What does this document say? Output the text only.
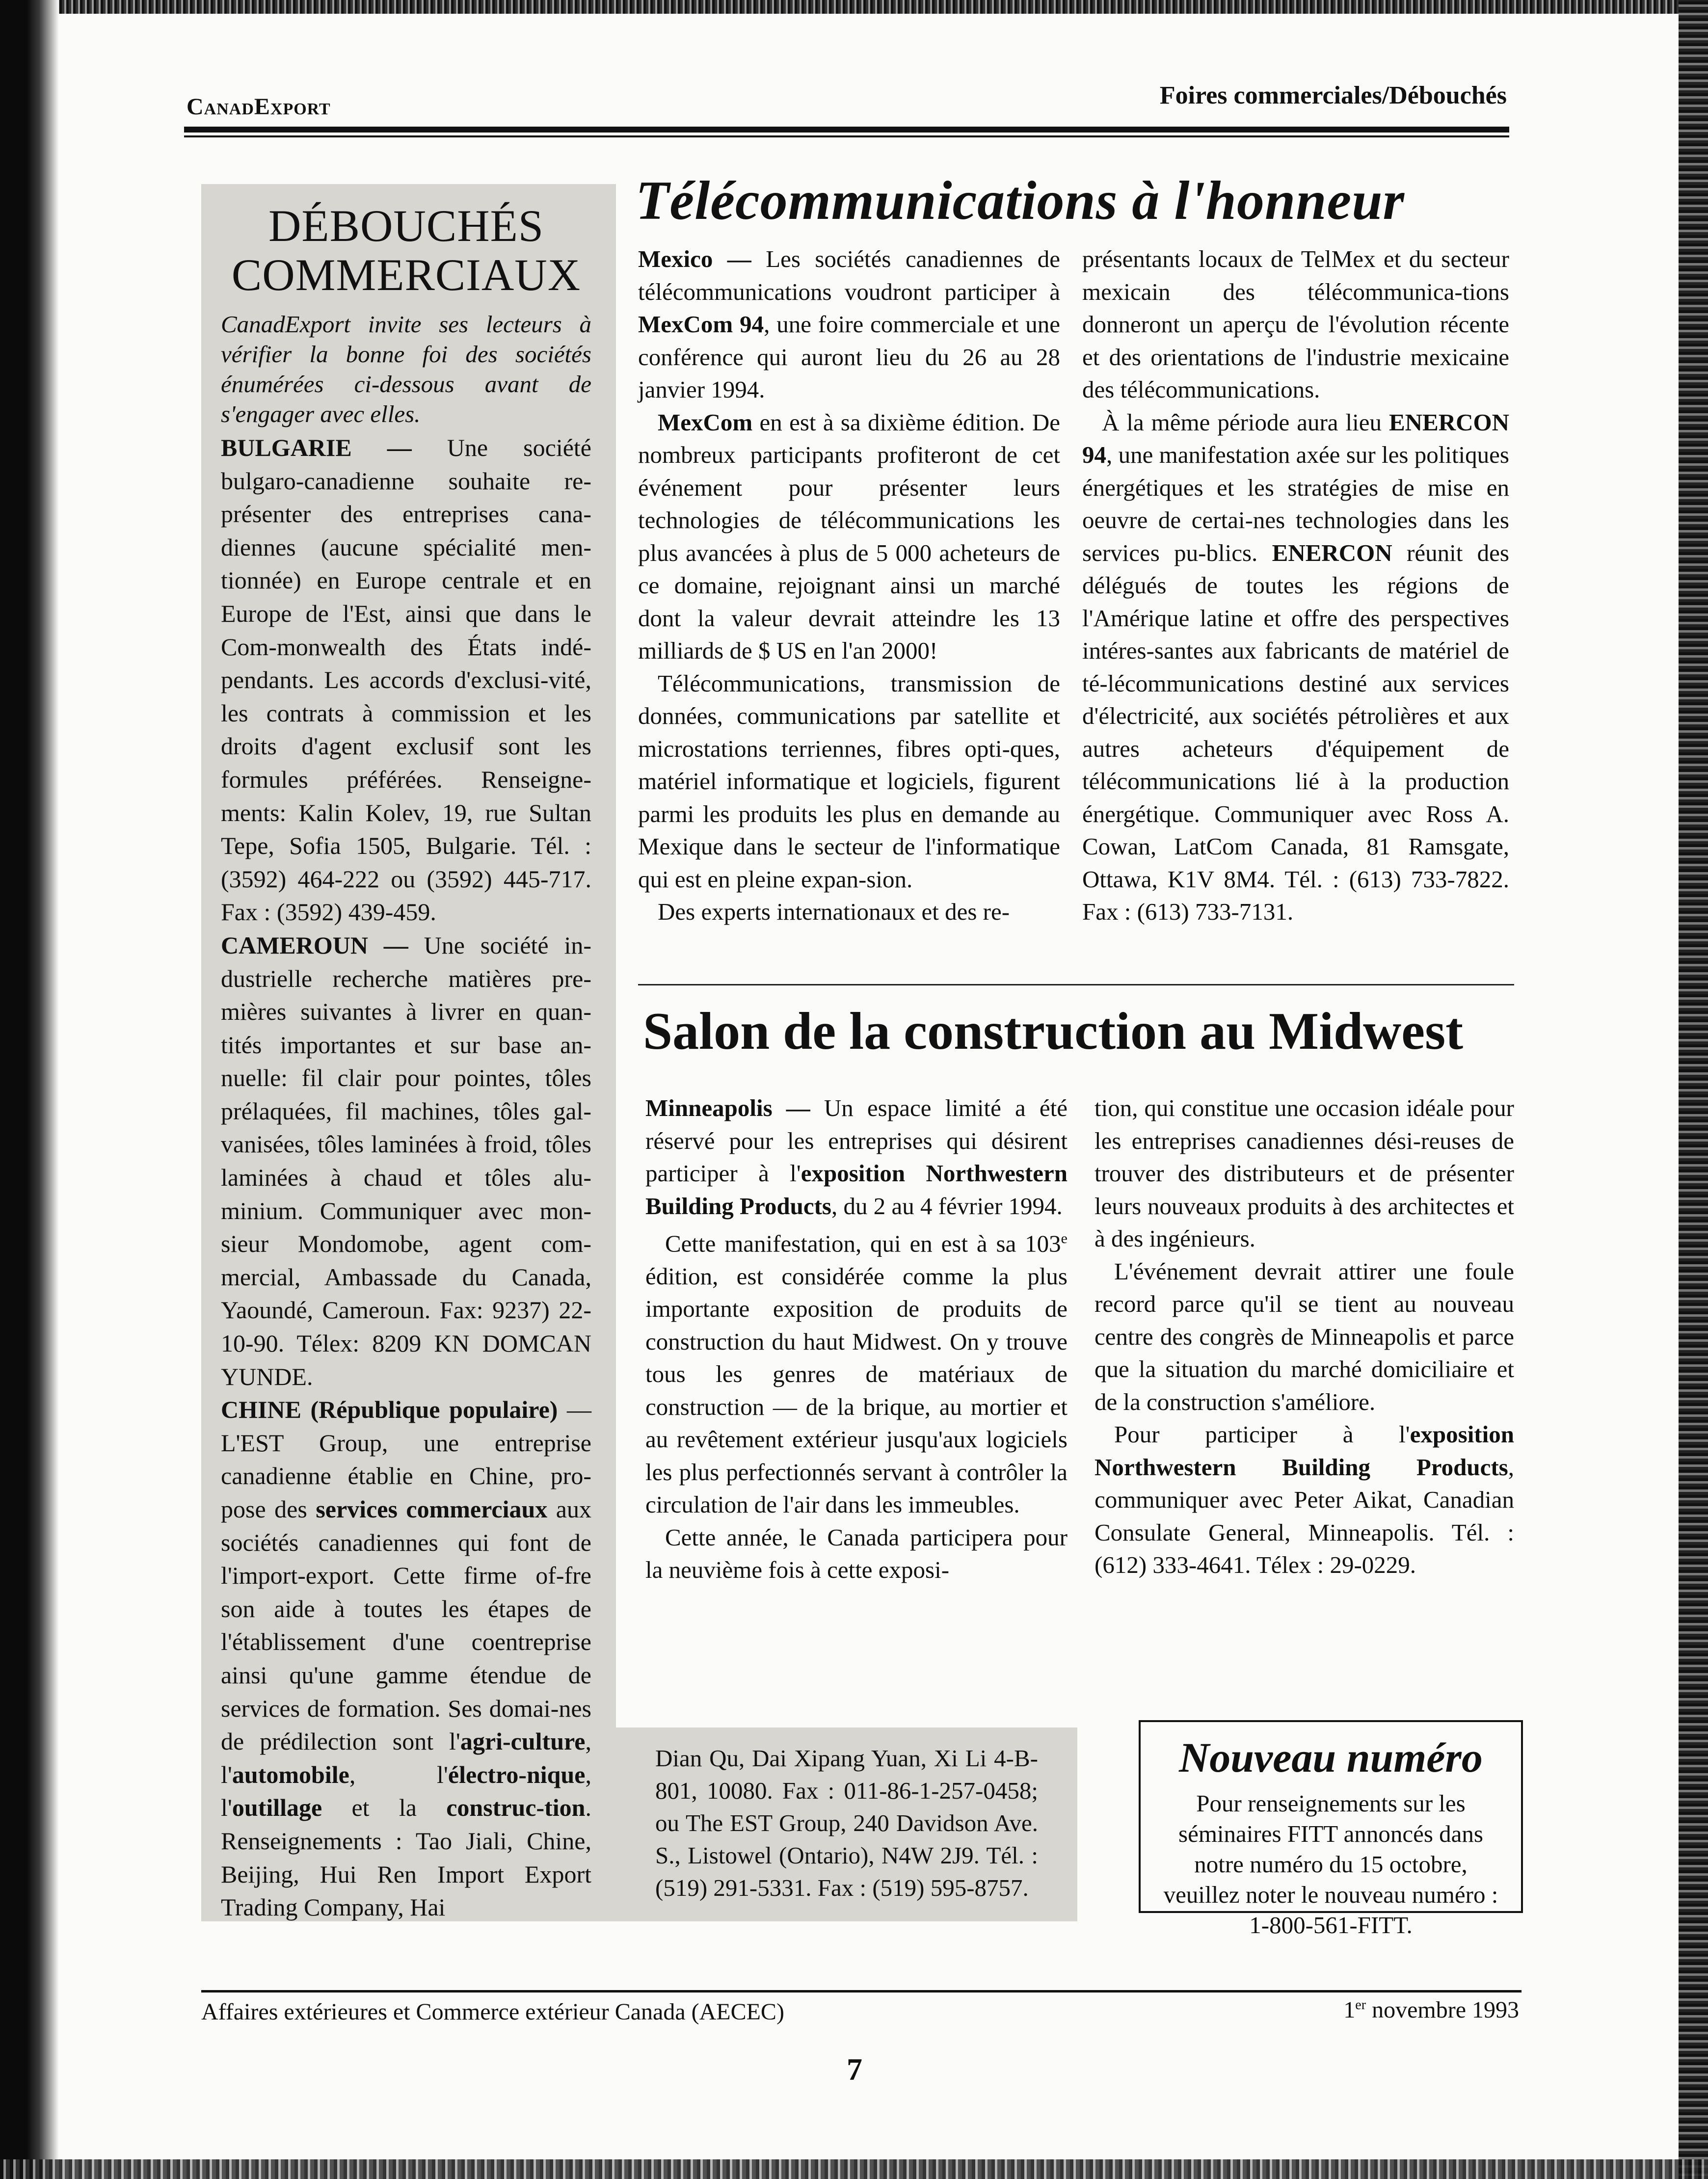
CanadExport	Foires commerciales/Débouchés
DÉBOUCHÉS COMMERCIAUX

CanadExport invite ses lecteurs à vérifier la bonne foi des sociétés énumérées ci-dessous avant de s'engager avec elles.

BULGARIE — Une société bulgaro-canadienne souhaite re-présenter des entreprises cana-diennes (aucune spécialité men-tionnée) en Europe centrale et en Europe de l'Est, ainsi que dans le Com-monwealth des États indé-pendants. Les accords d'exclusi-vité, les contrats à commission et les droits d'agent exclusif sont les formules préférées. Renseigne-ments: Kalin Kolev, 19, rue Sultan Tepe, Sofia 1505, Bulgarie. Tél. : (3592) 464-222 ou (3592) 445-717. Fax : (3592) 439-459.

CAMEROUN — Une société in-dustrielle recherche matières pre-mières suivantes à livrer en quan-tités importantes et sur base an-nuelle: fil clair pour pointes, tôles prélaquées, fil machines, tôles gal-vanisées, tôles laminées à froid, tôles laminées à chaud et tôles alu-minium. Communiquer avec mon-sieur Mondomobe, agent com-mercial, Ambassade du Canada, Yaoundé, Cameroun. Fax: 9237) 22-10-90. Télex: 8209 KN DOMCAN YUNDE.

CHINE (République populaire) — L'EST Group, une entreprise canadienne établie en Chine, pro-pose des services commerciaux aux sociétés canadiennes qui font de l'import-export. Cette firme of-fre son aide à toutes les étapes de l'établissement d'une coentreprise ainsi qu'une gamme étendue de services de formation. Ses domai-nes de prédilection sont l'agri-culture, l'automobile, l'électro-nique, l'outillage et la construc-tion. Renseignements : Tao Jiali, Chine, Beijing, Hui Ren Import Export Trading Company, Hai

Dian Qu, Dai Xipang Yuan, Xi Li 4-B-801, 10080. Fax : 011-86-1-257-0458; ou The EST Group, 240 Davidson Ave. S., Listowel (Ontario), N4W 2J9. Tél. : (519) 291-5331. Fax : (519) 595-8757.

Télécommunications à l'honneur

Mexico — Les sociétés canadiennes de télécommunications voudront participer à MexCom 94, une foire commerciale et une conférence qui auront lieu du 26 au 28 janvier 1994.

MexCom en est à sa dixième édition. De nombreux participants profiteront de cet événement pour présenter leurs technologies de télécommunications les plus avancées à plus de 5 000 acheteurs de ce domaine, rejoignant ainsi un marché dont la valeur devrait atteindre les 13 milliards de $ US en l'an 2000!

Télécommunications, transmission de données, communications par satellite et microstations terriennes, fibres opti-ques, matériel informatique et logiciels, figurent parmi les produits les plus en demande au Mexique dans le secteur de l'informatique qui est en pleine expan-sion.

Des experts internationaux et des re-

présentants locaux de TelMex et du secteur mexicain des télécommunica-tions donneront un aperçu de l'évolution récente et des orientations de l'industrie mexicaine des télécommunications.

À la même période aura lieu ENERCON 94, une manifestation axée sur les politiques énergétiques et les stratégies de mise en oeuvre de certai-nes technologies dans les services pu-blics. ENERCON réunit des délégués de toutes les régions de l'Amérique latine et offre des perspectives intéres-santes aux fabricants de matériel de té-lécommunications destiné aux services d'électricité, aux sociétés pétrolières et aux autres acheteurs d'équipement de télécommunications lié à la production énergétique. Communiquer avec Ross A. Cowan, LatCom Canada, 81 Ramsgate, Ottawa, K1V 8M4. Tél. : (613) 733-7822. Fax : (613) 733-7131.

Salon de la construction au Midwest

Minneapolis — Un espace limité a été réservé pour les entreprises qui désirent participer à l'exposition Northwestern Building Products, du 2 au 4 février 1994.

Cette manifestation, qui en est à sa 103e édition, est considérée comme la plus importante exposition de produits de construction du haut Midwest. On y trouve tous les genres de matériaux de construction — de la brique, au mortier et au revêtement extérieur jusqu'aux logiciels les plus perfectionnés servant à contrôler la circulation de l'air dans les immeubles.

Cette année, le Canada participera pour la neuvième fois à cette exposi-

tion, qui constitue une occasion idéale pour les entreprises canadiennes dési-reuses de trouver des distributeurs et de présenter leurs nouveaux produits à des architectes et à des ingénieurs.

L'événement devrait attirer une foule record parce qu'il se tient au nouveau centre des congrès de Minneapolis et parce que la situation du marché domiciliaire et de la construction s'améliore.

Pour participer à l'exposition Northwestern Building Products, communiquer avec Peter Aikat, Canadian Consulate General, Minneapolis. Tél. : (612) 333-4641. Télex : 29-0229.

Nouveau numéro
Pour renseignements sur les séminaires FITT annoncés dans notre numéro du 15 octobre, veuillez noter le nouveau numéro : 1-800-561-FITT.
Affaires extérieures et Commerce extérieur Canada (AECEC)	1er novembre 1993
7
